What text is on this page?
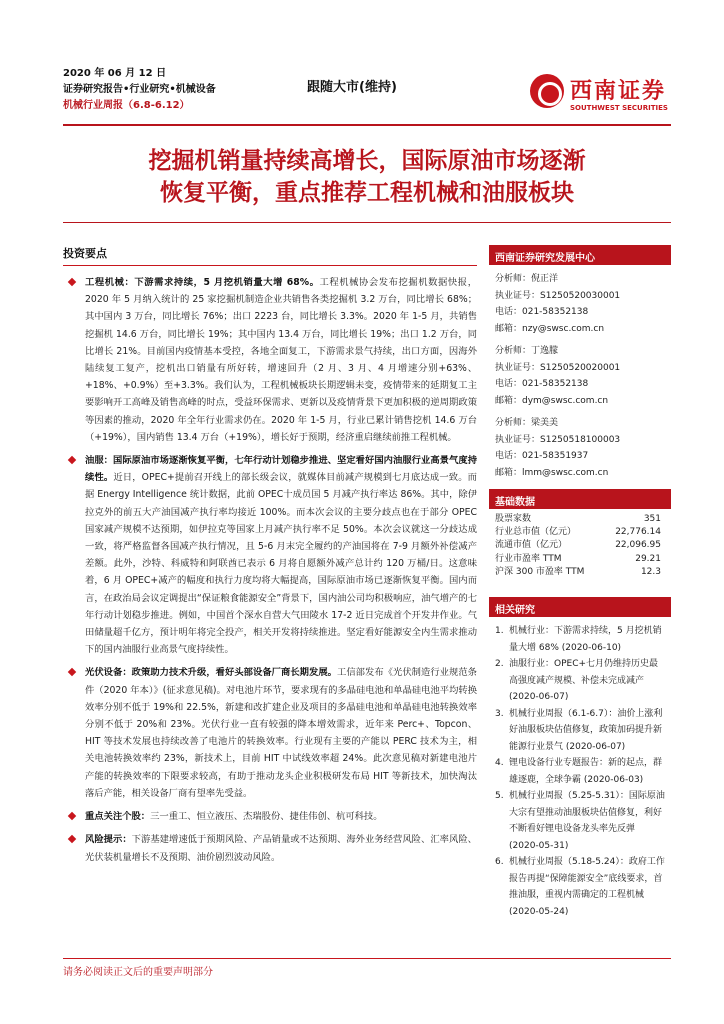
2020 年 06 月 12 日
证券研究报告•行业研究•机械设备
机械行业周报（6.8-6.12）
跟随大市(维持)	西南证券
SOUTHWEST SECURITIES
挖掘机销量持续高增长，国际原油市场逐渐
恢复平衡，重点推荐工程机械和油服板块
投资要点
工程机械：下游需求持续，5 月挖机销量大增 68%。工程机械协会发布挖掘机数据快报，2020 年 5 月纳入统计的 25 家挖掘机制造企业共销售各类挖掘机 3.2 万台，同比增长 68%；其中国内 3 万台，同比增长 76%；出口 2223 台，同比增长 3.3%。2020 年 1-5 月，共销售挖掘机 14.6 万台，同比增长 19%；其中国内 13.4 万台，同比增长 19%；出口 1.2 万台，同比增长 21%。目前国内疫情基本受控，各地全面复工，下游需求景气持续，出口方面，因海外陆续复工复产，挖机出口销量有所好转，增速回升（2 月、3 月、4 月增速分别+63%、+18%、+0.9%）至+3.3%。我们认为，工程机械板块长期逻辑未变，疫情带来的延期复工主要影响开工高峰及销售高峰的时点，受益环保需求、更新以及疫情背景下更加积极的逆周期政策等因素的推动，2020 年全年行业需求仍在。2020 年 1-5 月，行业已累计销售挖机 14.6 万台（+19%），国内销售 13.4 万台（+19%），增长好于预期，经济重启继续前推工程机械。
油服：国际原油市场逐渐恢复平衡，七年行动计划稳步推进、坚定看好国内油服行业高景气度持续性。近日，OPEC+提前召开线上的部长级会议，就媒体目前减产规模到七月底达成一致。而据 Energy Intelligence 统计数据，此前 OPEC十成员国 5 月减产执行率达 86%。其中，除伊拉克外的前五大产油国减产执行率均接近 100%。而本次会议的主要分歧点也在于部分 OPEC 国家减产规模不达预期，如伊拉克等国家上月减产执行率不足 50%。本次会议就这一分歧达成一致，将严格监督各国减产执行情况，且 5-6 月末完全履约的产油国将在 7-9 月额外补偿减产差额。此外，沙特、科威特和阿联酋已表示 6 月将自愿额外减产总计约 120 万桶/日。这意味着，6 月 OPEC+减产的幅度和执行力度均将大幅提高，国际原油市场已逐渐恢复平衡。国内而言，在政治局会议定调提出“保证粮食能源安全”背景下，国内油公司均积极响应，油气增产的七年行动计划稳步推进。例如，中国首个深水自营大气田陵水 17-2 近日完成首个开发井作业。气田储量超千亿方，预计明年将完全投产，相关开发将持续推进。坚定看好能源安全内生需求推动下的国内油服行业高景气度持续性。
光伏设备：政策助力技术升级，看好头部设备厂商长期发展。工信部发布《光伏制造行业规范条件（2020 年本）》(征求意见稿)。对电池片环节，要求现有的多晶硅电池和单晶硅电池平均转换效率分别不低于 19%和 22.5%，新建和改扩建企业及项目的多晶硅电池和单晶硅电池转换效率分别不低于 20%和 23%。光伏行业一直有较强的降本增效需求，近年来 Perc+、Topcon、HIT 等技术发展也持续改善了电池片的转换效率。行业现有主要的产能以 PERC 技术为主，相关电池转换效率约 23%，新技术上，目前 HIT 中试线效率超 24%。此次意见稿对新建电池片产能的转换效率的下限要求较高，有助于推动龙头企业积极研发布局 HIT 等新技术，加快淘汰落后产能，相关设备厂商有望率先受益。
重点关注个股：三一重工、恒立液压、杰瑞股份、捷佳伟创、杭可科技。
风险提示：下游基建增速低于预期风险、产品销量或不达预期、海外业务经营风险、汇率风险、光伏装机量增长不及预期、油价剧烈波动风险。
西南证券研究发展中心
分析师：倪正洋
执业证号：S1250520030001
电话：021-58352138
邮箱：nzy@swsc.com.cn
分析师：丁逸朦
执业证号：S1250520020001
电话：021-58352138
邮箱：dym@swsc.com.cn
分析师：梁美美
执业证号：S1250518100003
电话：021-58351937
邮箱：lmm@swsc.com.cn
基础数据
股票家数	351
行业总市值（亿元）	22,776.14
流通市值（亿元）	22,096.95
行业市盈率 TTM	29.21
沪深 300 市盈率 TTM	12.3
相关研究
1. 机械行业：下游需求持续，5 月挖机销量大增 68% (2020-06-10)
2. 油服行业：OPEC+七月仍维持历史最高强度减产规模、补偿未完成减产 (2020-06-07)
3. 机械行业周报（6.1-6.7）：油价上涨利好油服板块估值修复，政策加码提升新能源行业景气 (2020-06-07)
4. 锂电设备行业专题报告：新的起点，群雄逐鹿，全球争霸 (2020-06-03)
5. 机械行业周报（5.25-5.31）：国际原油大宗有望推动油服板块估值修复，利好不断看好锂电设备龙头率先反弹 (2020-05-31)
6. 机械行业周报（5.18-5.24）：政府工作报告再提“保障能源安全”底线要求，首推油服，重视内需确定的工程机械 (2020-05-24)
请务必阅读正文后的重要声明部分
